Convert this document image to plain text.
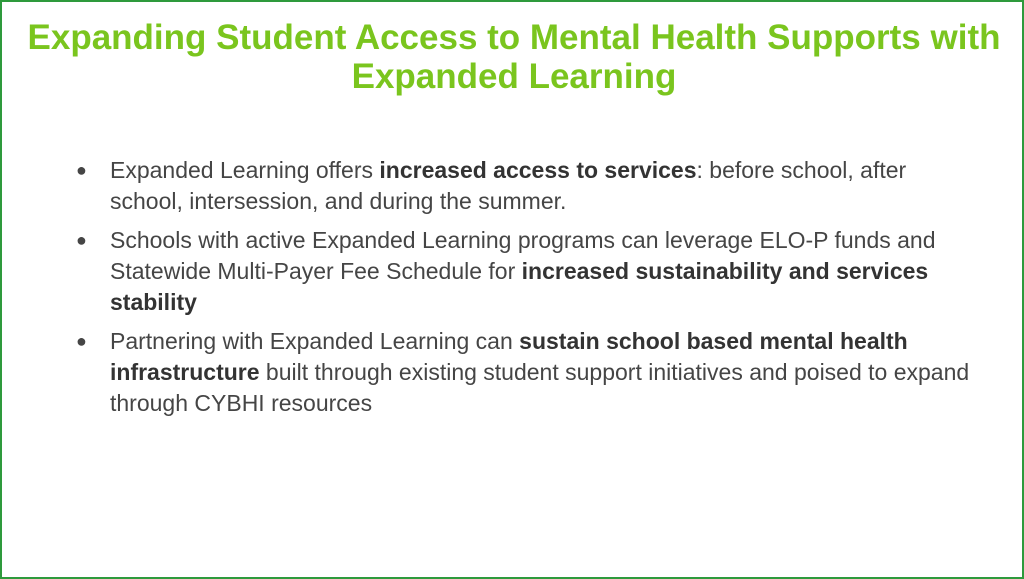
Expanding Student Access to Mental Health Supports with Expanded Learning
● Expanded Learning offers increased access to services: before school, after school, intersession, and during the summer.
● Schools with active Expanded Learning programs can leverage ELO-P funds and Statewide Multi-Payer Fee Schedule for increased sustainability and services stability
● Partnering with Expanded Learning can sustain school based mental health infrastructure built through existing student support initiatives and poised to expand through CYBHI resources
